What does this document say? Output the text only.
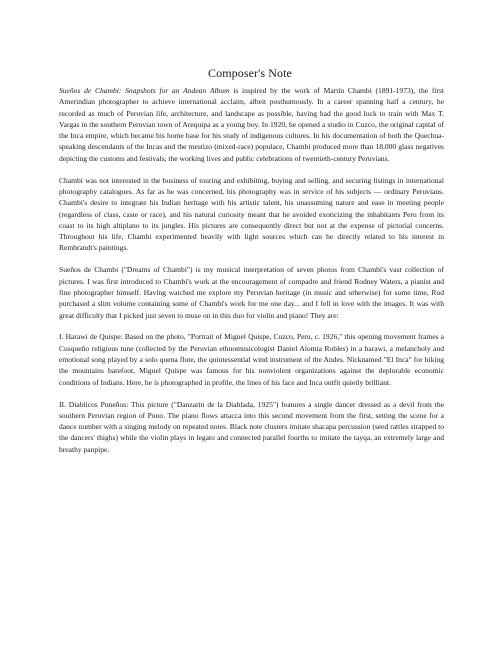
Composer's Note

Sueños de Chambi: Snapshots for an Andean Album is inspired by the work of Martín Chambi (1891-1973), the first Amerindian photographer to achieve international acclaim, albeit posthumously. In a career spanning half a century, he recorded as much of Peruvian life, architecture, and landscape as possible, having had the good luck to train with Max T. Vargas in the southern Peruvian town of Arequipa as a young boy. In 1920, he opened a studio in Cuzco, the original capital of the Inca empire, which became his home base for his study of indigenous cultures. In his documentation of both the Quechua-speaking descendants of the Incas and the mestizo (mixed-race) populace, Chambi produced more than 18,000 glass negatives depicting the customs and festivals, the working lives and public celebrations of twentieth-century Peruvians.

Chambi was not interested in the business of touring and exhibiting, buying and selling, and securing listings in international photography catalogues. As far as he was concerned, his photography was in service of his subjects — ordinary Peruvians. Chambi's desire to integrate his Indian heritage with his artistic talent, his unassuming nature and ease in meeting people (regardless of class, caste or race), and his natural curiosity meant that he avoided exoticizing the inhabitants Peru from its coast to its high altiplano to its jungles. His pictures are consequently direct but not at the expense of pictorial concerns. Throughout his life, Chambi experimented heavily with light sources which can be directly related to his interest in Rembrandt's paintings.

Sueños de Chambi ("Dreams of Chambi") is my musical interpretation of seven photos from Chambi's vast collection of pictures. I was first introduced to Chambi's work at the encouragement of compadre and friend Rodney Waters, a pianist and fine photographer himself. Having watched me explore my Peruvian heritage (in music and otherwise) for some time, Rod purchased a slim volume containing some of Chambi's work for me one day... and I fell in love with the images. It was with great difficulty that I picked just seven to muse on in this duo for violin and piano! They are:

I. Harawi de Quispe: Based on the photo, "Portrait of Miguel Quispe, Cuzco, Peru, c. 1926," this opening movement frames a Cusqueño religious tune (collected by the Peruvian ethnomusicologist Daniel Alomia Robles) in a harawi, a melancholy and emotional song played by a solo quena flute, the quintessential wind instrument of the Andes. Nicknamed "El Inca" for hiking the mountains barefoot, Miguel Quispe was famous for his nonviolent organizations against the deplorable economic conditions of Indians. Here, he is photographed in profile, the lines of his face and Inca outfit quietly brilliant.

II. Diablicos Puneños: This picture ("Danzarín de la Diablada, 1925") features a single dancer dressed as a devil from the southern Peruvian region of Puno. The piano flows attacca into this second movement from the first, setting the scene for a dance number with a singing melody on repeated notes. Black note clusters imitate shacapa percussion (seed rattles strapped to the dancers' thighs) while the violin plays in legato and connected parallel fourths to imitate the tayqa, an extremely large and breathy panpipe.
